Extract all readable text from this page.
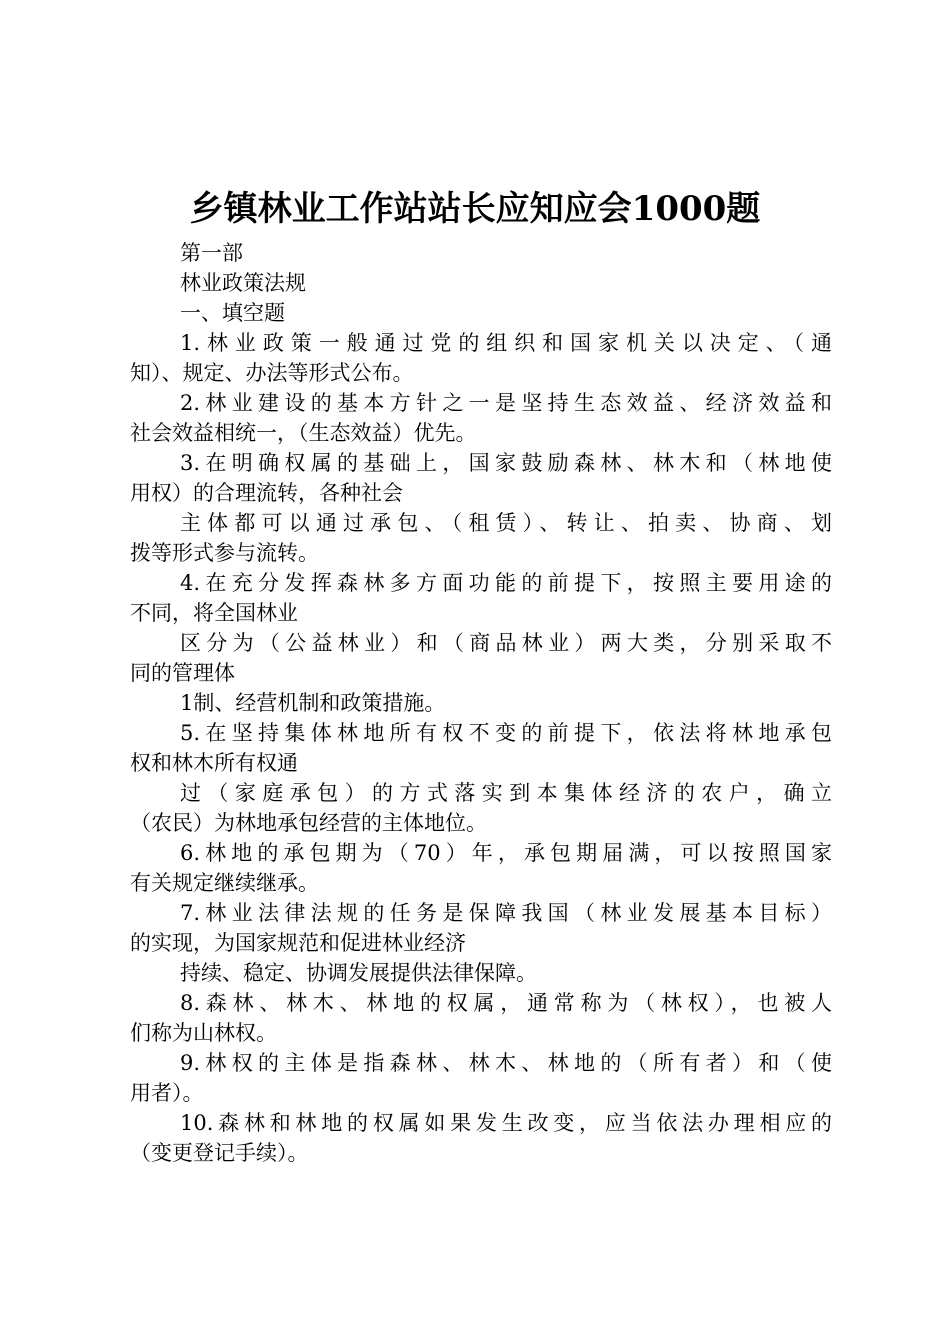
乡镇林业工作站站长应知应会1000题
第一部
林业政策法规
一、填空题
1.林业政策一般通过党的组织和国家机关以决定、（通
知）、规定、办法等形式公布。
2.林业建设的基本方针之一是坚持生态效益、经济效益和
社会效益相统一，（生态效益）优先。
3.在明确权属的基础上，国家鼓励森林、林木和（林地使
用权）的合理流转，各种社会
主体都可以通过承包、（租赁）、转让、拍卖、协商、划
拨等形式参与流转。
4.在充分发挥森林多方面功能的前提下，按照主要用途的
不同，将全国林业
区分为（公益林业）和（商品林业）两大类，分别采取不
同的管理体
1制、经营机制和政策措施。
5.在坚持集体林地所有权不变的前提下，依法将林地承包
权和林木所有权通
过（家庭承包）的方式落实到本集体经济的农户，确立
（农民）为林地承包经营的主体地位。
6.林地的承包期为（70）年，承包期届满，可以按照国家
有关规定继续继承。
7.林业法律法规的任务是保障我国（林业发展基本目标）
的实现，为国家规范和促进林业经济
持续、稳定、协调发展提供法律保障。
8.森林、林木、林地的权属，通常称为（林权），也被人
们称为山林权。
9.林权的主体是指森林、林木、林地的（所有者）和（使
用者）。
10.森林和林地的权属如果发生改变，应当依法办理相应的
（变更登记手续）。
